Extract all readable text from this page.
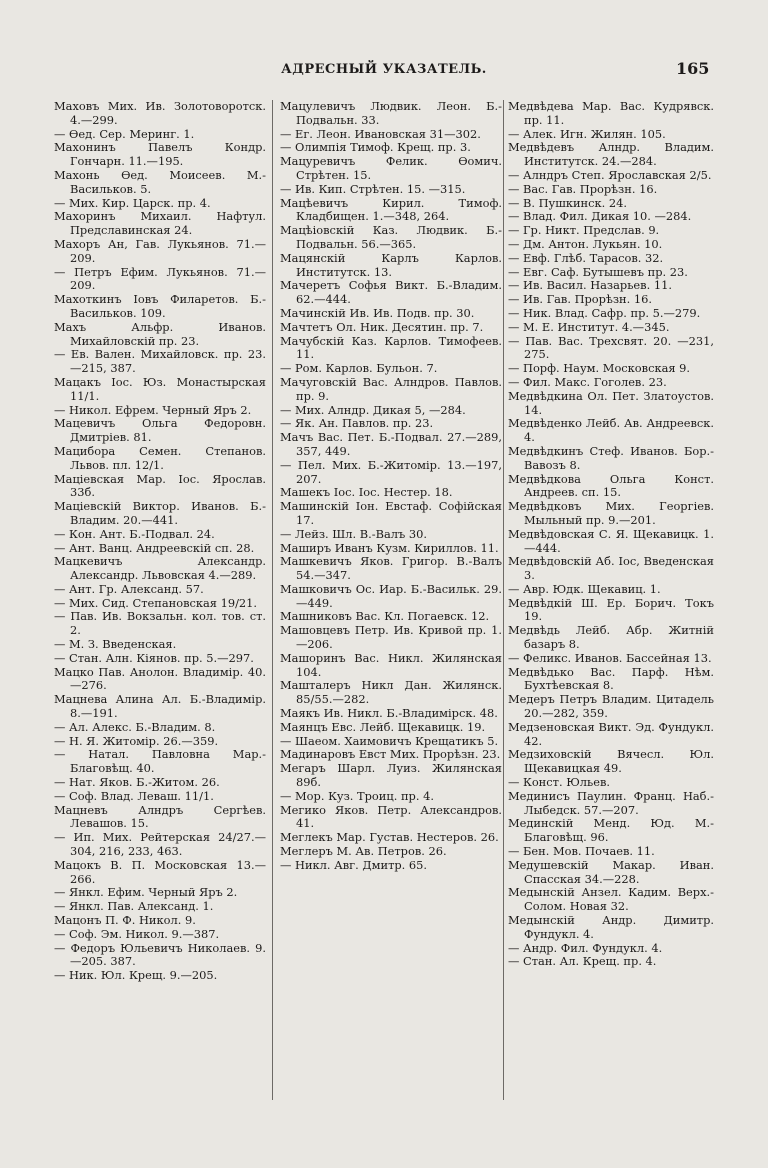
АДРЕСНЫЙ УКАЗАТЕЛЬ.	165

Маховъ Мих. Ив. Золотоворотск. 4.—299.

— Ѳед. Сер. Меринг. 1.

Махонинъ Павелъ Кондр. Гончарн. 11.—195.

Махонь Ѳед. Моисеев. М.-Васильков. 5.

— Мих. Кир. Царск. пр. 4.

Махоринъ Михаил. Нафтул. Предславинская 24.

Махоръ Ан, Гав. Лукьянов. 71.—209.

— Петръ Ефим. Лукьянов. 71.—209.

Махоткинъ Іовъ Филаретов. Б.-Васильков. 109.

Махъ Альфр. Иванов. Михайловскій пр. 23.

— Ев. Вален. Михайловск. пр. 23.—215, 387.

Мацакъ Іос. Юз. Монастырская 11/1.

— Никол. Ефрем. Черный Яръ 2.

Мацевичъ Ольга Федоровн. Дмитріев. 81.

Мацибора Семен. Степанов. Львов. пл. 12/1.

Маціевская Мар. Іос. Ярослав. 33б.

Маціевскій Виктор. Иванов. Б.-Владим. 20.—441.

— Кон. Ант. Б.-Подвал. 24.

— Ант. Ванц. Андреевскій сп. 28.

Мацкевичъ Александр. Александр. Львовская 4.—289.

— Ант. Гр. Александ. 57.

— Мих. Сид. Степановская 19/21.

— Пав. Ив. Вокзальн. кол. тов. ст. 2.

— М. З. Введенская.

— Стан. Алн. Кіянов. пр. 5.—297.

Мацко Пав. Анолон. Владимір. 40.—276.

Мацнева Алина Ал. Б.-Владимір. 8.—191.

— Ал. Алекс. Б.-Владим. 8.

— Н. Я. Житомір. 26.—359.

— Натал. Павловна Мар.-Благовѣщ. 40.

— Нат. Яков. Б.-Житом. 26.

— Соф. Влад. Леваш. 11/1.

Мацневъ Алндръ Сергѣев. Левашов. 15.

— Ип. Мих. Рейтерская 24/27.—304, 216, 233, 463.

Мацокъ В. П. Московская 13.—266.

— Янкл. Ефим. Черный Яръ 2.

— Янкл. Пав. Александ. 1.

Мацонъ П. Ф. Никол. 9.

— Соф. Эм. Никол. 9.—387.

— Федоръ Юльевичъ Николаев. 9.—205. 387.

— Ник. Юл. Крещ. 9.—205.

Мацулевичъ Людвик. Леон. Б.-Подвальн. 33.

— Ег. Леон. Ивановская 31—302.

— Олимпія Тимоф. Крещ. пр. 3.

Мацуревичъ Фелик. Ѳомич. Стрѣтен. 15.

— Ив. Кип. Стрѣтен. 15. —315.

Мацѣевичъ Кирил. Тимоф. Кладбищен. 1.—348, 264.

Мацѣіовскій Каз. Людвик. Б.-Подвальн. 56.—365.

Мацянскій Карлъ Карлов. Институтск. 13.

Мачеретъ Софья Викт. Б.-Владим. 62.—444.

Мачинскій Ив. Ив. Подв. пр. 30.

Мачтетъ Ол. Ник. Десятин. пр. 7.

Мачубскій Каз. Карлов. Тимофеев. 11.

— Ром. Карлов. Бульон. 7.

Мачуговскій Вас. Алндров. Павлов. пр. 9.

— Мих. Алндр. Дикая 5, —284.

— Як. Ан. Павлов. пр. 23.

Мачъ Вас. Пет. Б.-Подвал. 27.—289, 357, 449.

— Пел. Мих. Б.-Житомір. 13.—197, 207.

Машекъ Іос. Іос. Нестер. 18.

Машинскій Іон. Евстаф. Софійская 17.

— Лейз. Шл. В.-Валъ 30.

Маширъ Иванъ Кузм. Кириллов. 11.

Машкевичъ Яков. Григор. В.-Валъ 54.—347.

Машковичъ Ос. Иар. Б.-Васильк. 29.—449.

Машниковъ Вас. Кл. Погаевск. 12.

Машовцевъ Петр. Ив. Кривой пр. 1.—206.

Машоринъ Вас. Никл. Жилянская 104.

Машталеръ Никл Дан. Жилянск. 85/55.—282.

Маякъ Ив. Никл. Б.-Владимірск. 48.

Маянцъ Евс. Лейб. Щекавицк. 19.

— Шаеом. Хаимовичъ Крещатикъ 5.

Мадинаровъ Евст Мих. Прорѣзн. 23.

Мегаръ Шарл. Луиз. Жилянская 89б.

— Мор. Куз. Троиц. пр. 4.

Мегико Яков. Петр. Александров. 41.

Меглекъ Мар. Густав. Нестеров. 26.

Меглеръ М. Ав. Петров. 26.

— Никл. Авг. Дмитр. 65.

Медвѣдева Мар. Вас. Кудрявск. пр. 11.

— Алек. Игн. Жилян. 105.

Медвѣдевъ Алндр. Владим. Институтск. 24.—284.

— Алндръ Степ. Ярославская 2/5.

— Вас. Гав. Прорѣзн. 16.

— В. Пушкинск. 24.

— Влад. Фил. Дикая 10. —284.

— Гр. Никт. Предслав. 9.

— Дм. Антон. Лукьян. 10.

— Евф. Глѣб. Тарасов. 32.

— Евг. Саф. Бутышевъ пр. 23.

— Ив. Васил. Назарьев. 11.

— Ив. Гав. Прорѣзн. 16.

— Ник. Влад. Сафр. пр. 5.—279.

— М. Е. Институт. 4.—345.

— Пав. Вас. Трехсвят. 20. —231, 275.

— Порф. Наум. Московская 9.

— Фил. Макс. Гоголев. 23.

Медвѣдкина Ол. Пет. Златоустов. 14.

Медвѣденко Лейб. Ав. Андреевск. 4.

Медвѣдкинъ Стеф. Иванов. Бор.-Вавозъ 8.

Медвѣдкова Ольга Конст. Андреев. сп. 15.

Медвѣдковъ Мих. Георгіев. Мыльный пр. 9.—201.

Медвѣдовская С. Я. Щекавицк. 1.—444.

Медвѣдовскій Аб. Іос, Введенская 3.

— Авр. Юдк. Щекавиц. 1.

Медвѣдкій Ш. Ер. Борич. Токъ 19.

Медвѣдь Лейб. Абр. Житній базаръ 8.

— Феликс. Иванов. Бассейная 13.

Медвѣдько Вас. Парф. Нѣм. Бухтѣевская 8.

Медеръ Петръ Владим. Цитадель 20.—282, 359.

Медзеновская Викт. Эд. Фундукл. 42.

Медзиховскій Вячесл. Юл. Щекавицкая 49.

— Конст. Юльев.

Мединисъ Паулин. Франц. Наб.-Лыбедск. 57.—207.

Мединскій Менд. Юд. М.-Благовѣщ. 96.

— Бен. Мов. Почаев. 11.

Медушевскій Макар. Иван. Спасская 34.—228.

Медынскій Анзел. Кадим. Верх.-Солом. Новая 32.

Медынскій Андр. Димитр. Фундукл. 4.

— Андр. Фил. Фундукл. 4.

— Стан. Ал. Крещ. пр. 4.
